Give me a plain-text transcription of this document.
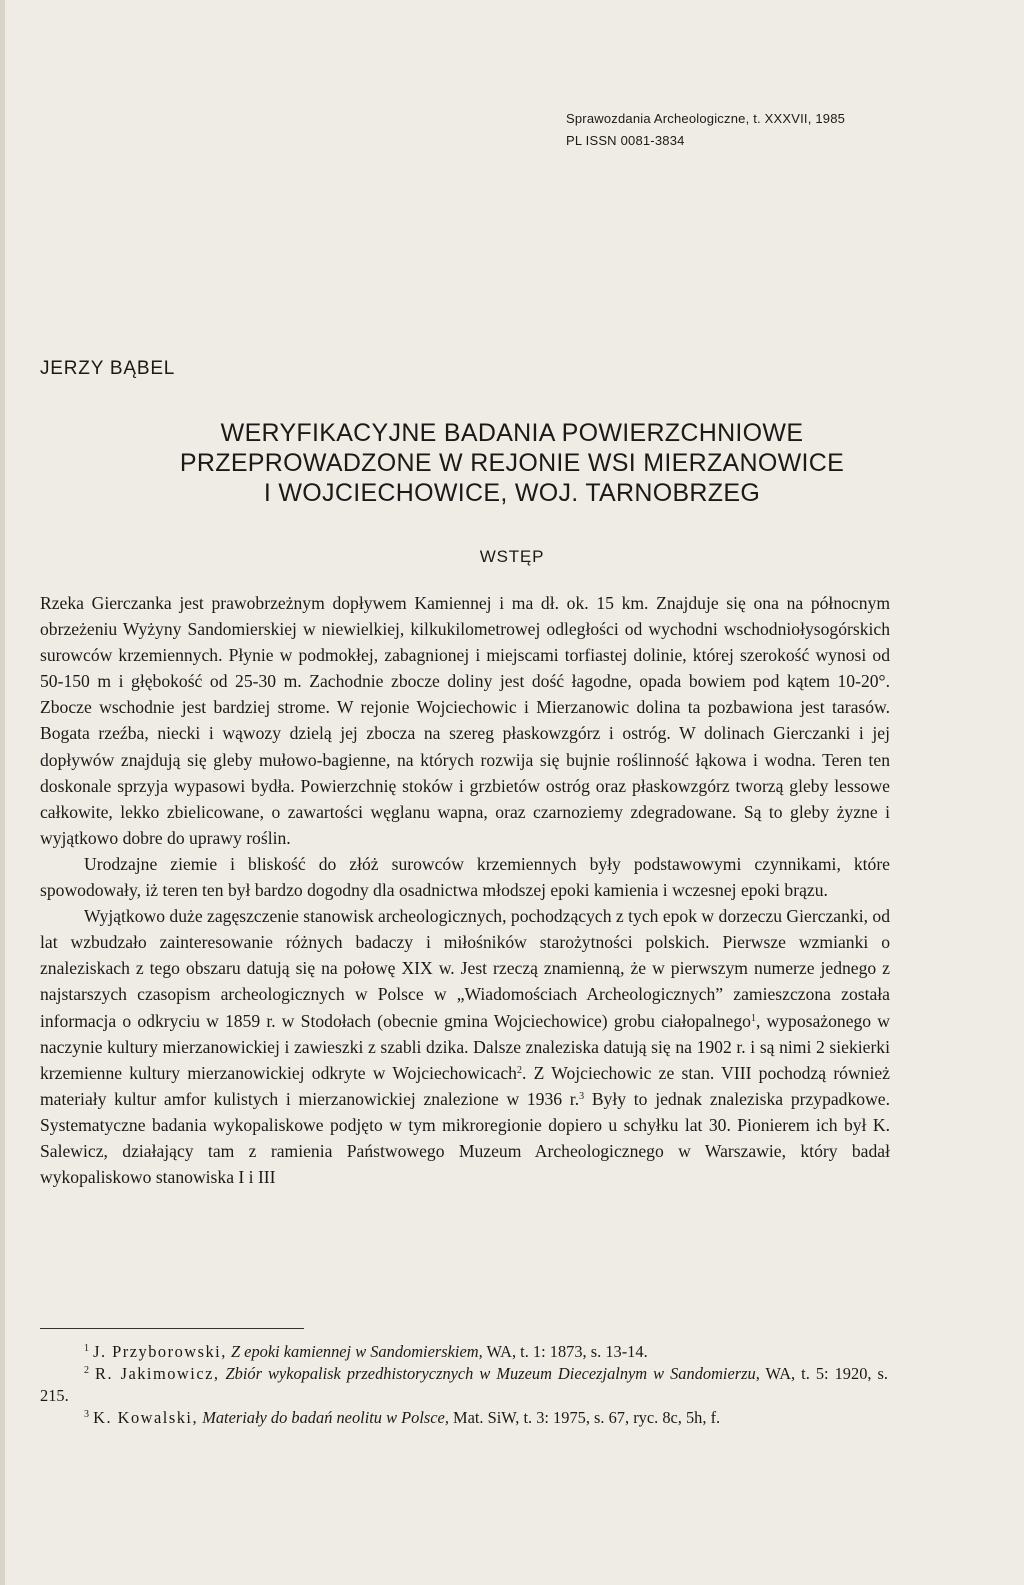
Sprawozdania Archeologiczne, t. XXXVII, 1985
PL ISSN 0081-3834
JERZY BĄBEL
WERYFIKACYJNE BADANIA POWIERZCHNIOWE
PRZEPROWADZONE W REJONIE WSI MIERZANOWICE
I WOJCIECHOWICE, WOJ. TARNOBRZEG
WSTĘP

Rzeka Gierczanka jest prawobrzeżnym dopływem Kamiennej i ma dł. ok. 15 km. Znajduje się ona na północnym obrzeżeniu Wyżyny Sandomierskiej w niewielkiej, kilkukilometrowej odległości od wychodni wschodniołysogórskich surowców krzemiennych. Płynie w podmokłej, zabagnionej i miejscami torfiastej dolinie, której szerokość wynosi od 50-150 m i głębokość od 25-30 m. Zachodnie zbocze doliny jest dość łagodne, opada bowiem pod kątem 10-20°. Zbocze wschodnie jest bardziej strome. W rejonie Wojciechowic i Mierzanowic dolina ta pozbawiona jest tarasów. Bogata rzeźba, niecki i wąwozy dzielą jej zbocza na szereg płaskowzgórz i ostróg. W dolinach Gierczanki i jej dopływów znajdują się gleby mułowo-bagienne, na których rozwija się bujnie roślinność łąkowa i wodna. Teren ten doskonale sprzyja wypasowi bydła. Powierzchnię stoków i grzbietów ostróg oraz płaskowzgórz tworzą gleby lessowe całkowite, lekko zbielicowane, o zawartości węglanu wapna, oraz czarnoziemy zdegradowane. Są to gleby żyzne i wyjątkowo dobre do uprawy roślin.

Urodzajne ziemie i bliskość do złóż surowców krzemiennych były podstawowymi czynnikami, które spowodowały, iż teren ten był bardzo dogodny dla osadnictwa młodszej epoki kamienia i wczesnej epoki brązu.

Wyjątkowo duże zagęszczenie stanowisk archeologicznych, pochodzących z tych epok w dorzeczu Gierczanki, od lat wzbudzało zainteresowanie różnych badaczy i miłośników starożytności polskich. Pierwsze wzmianki o znaleziskach z tego obszaru datują się na połowę XIX w. Jest rzeczą znamienną, że w pierwszym numerze jednego z najstarszych czasopism archeologicznych w Polsce w „Wiadomościach Archeologicznych” zamieszczona została informacja o odkryciu w 1859 r. w Stodołach (obecnie gmina Wojciechowice) grobu ciałopalnego$^1$, wyposażonego w naczynie kultury mierzanowickiej i zawieszki z szabli dzika. Dalsze znaleziska datują się na 1902 r. i są nimi 2 siekierki krzemienne kultury mierzanowickiej odkryte w Wojciechowicach$^2$. Z Wojciechowic ze stan. VIII pochodzą również materiały kultur amfor kulistych i mierzanowickiej znalezione w 1936 r.$^3$ Były to jednak znaleziska przypadkowe. Systematyczne badania wykopaliskowe podjęto w tym mikroregionie dopiero u schyłku lat 30. Pionierem ich był K. Salewicz, działający tam z ramienia Państwowego Muzeum Archeologicznego w Warszawie, który badał wykopaliskowo stanowiska I i III

$^1$ J. Przyborowski, Z epoki kamiennej w Sandomierskiem, WA, t. 1: 1873, s. 13-14.

$^2$ R. Jakimowicz, Zbiór wykopalisk przedhistorycznych w Muzeum Diecezjalnym w Sandomierzu, WA, t. 5: 1920, s. 215.

$^3$ K. Kowalski, Materiały do badań neolitu w Polsce, Mat. SiW, t. 3: 1975, s. 67, ryc. 8c, 5h, f.
